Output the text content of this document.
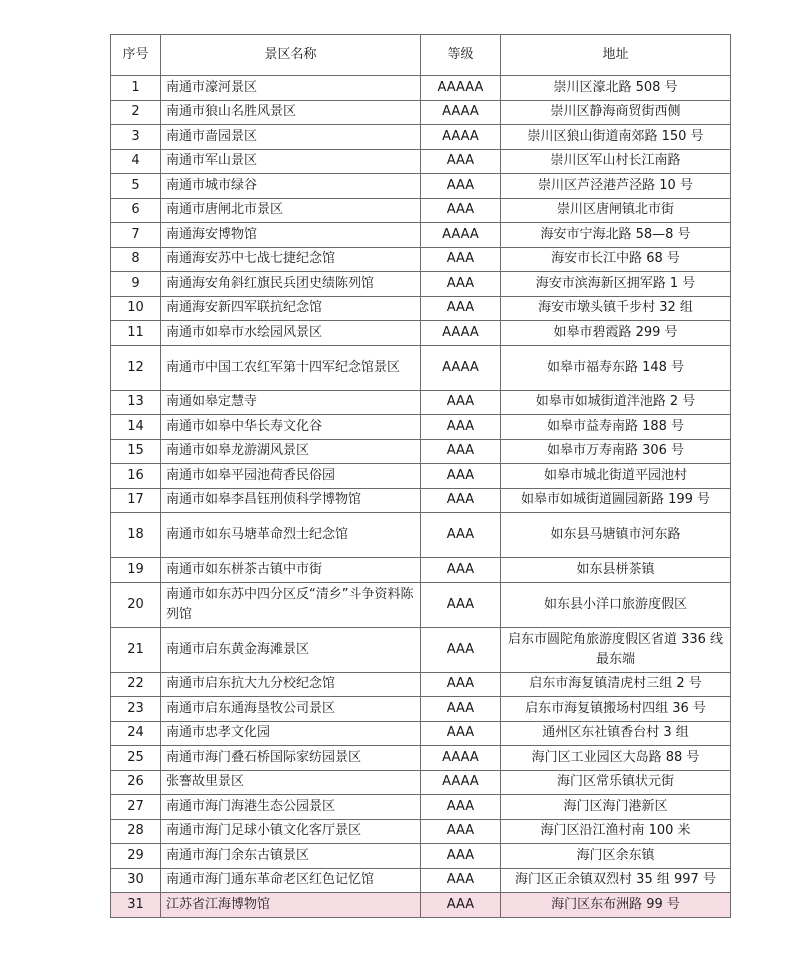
序号	景区名称	等级	地址
1	南通市濠河景区	AAAAA	崇川区濠北路 508 号
2	南通市狼山名胜风景区	AAAA	崇川区静海商贸街西侧
3	南通市啬园景区	AAAA	崇川区狼山街道南郊路 150 号
4	南通市军山景区	AAA	崇川区军山村长江南路
5	南通市城市绿谷	AAA	崇川区芦泾港芦泾路 10 号
6	南通市唐闸北市景区	AAA	崇川区唐闸镇北市街
7	南通海安博物馆	AAAA	海安市宁海北路 58—8 号
8	南通海安苏中七战七捷纪念馆	AAA	海安市长江中路 68 号
9	南通海安角斜红旗民兵团史绩陈列馆	AAA	海安市滨海新区拥军路 1 号
10	南通海安新四军联抗纪念馆	AAA	海安市墩头镇千步村 32 组
11	南通市如皋市水绘园风景区	AAAA	如皋市碧霞路 299 号
12	南通市中国工农红军第十四军纪念馆景区	AAAA	如皋市福寿东路 148 号
13	南通如皋定慧寺	AAA	如皋市如城街道泮池路 2 号
14	南通市如皋中华长寿文化谷	AAA	如皋市益寿南路 188 号
15	南通市如皋龙游湖风景区	AAA	如皋市万寿南路 306 号
16	南通市如皋平园池荷香民俗园	AAA	如皋市城北街道平园池村
17	南通市如皋李昌钰刑侦科学博物馆	AAA	如皋市如城街道圌园新路 199 号
18	南通市如东马塘革命烈士纪念馆	AAA	如东县马塘镇市河东路
19	南通市如东栟茶古镇中市街	AAA	如东县栟茶镇
20	南通市如东苏中四分区反“清乡”斗争资料陈列馆	AAA	如东县小洋口旅游度假区
21	南通市启东黄金海滩景区	AAA	启东市圆陀角旅游度假区省道 336 线最东端
22	南通市启东抗大九分校纪念馆	AAA	启东市海复镇清虎村三组 2 号
23	南通市启东通海垦牧公司景区	AAA	启东市海复镇搬场村四组 36 号
24	南通市忠孝文化园	AAA	通州区东社镇香台村 3 组
25	南通市海门叠石桥国际家纺园景区	AAAA	海门区工业园区大岛路 88 号
26	张謇故里景区	AAAA	海门区常乐镇状元街
27	南通市海门海港生态公园景区	AAA	海门区海门港新区
28	南通市海门足球小镇文化客厅景区	AAA	海门区沿江渔村南 100 米
29	南通市海门余东古镇景区	AAA	海门区余东镇
30	南通市海门通东革命老区红色记忆馆	AAA	海门区正余镇双烈村 35 组 997 号
31	江苏省江海博物馆	AAA	海门区东布洲路 99 号
